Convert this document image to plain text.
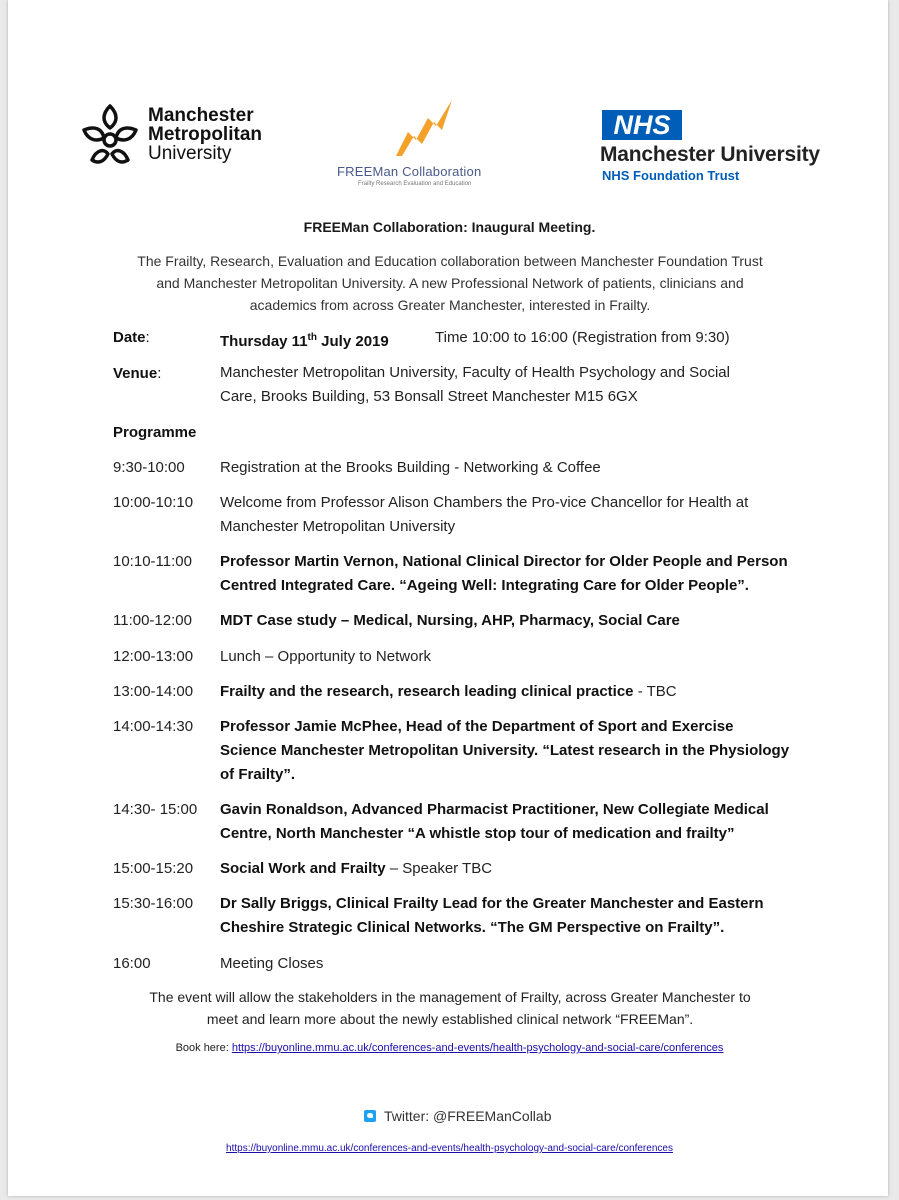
Manchester
Metropolitan
University
FREEMan Collaboration
Frailty Research Evaluation and Education
NHS
Manchester University
NHS Foundation Trust
FREEMan Collaboration: Inaugural Meeting.
The Frailty, Research, Evaluation and Education collaboration between Manchester Foundation Trust
and Manchester Metropolitan University. A new Professional Network of patients, clinicians and
academics from across Greater Manchester, interested in Frailty.
Date:	Thursday 11th July 2019	Time 10:00 to 16:00 (Registration from 9:30)
Venue:	Manchester Metropolitan University, Faculty of Health Psychology and Social
Care, Brooks Building, 53 Bonsall Street Manchester M15 6GX
Programme
9:30-10:00 Registration at the Brooks Building - Networking & Coffee
10:00-10:10 Welcome from Professor Alison Chambers the Pro-vice Chancellor for Health at Manchester Metropolitan University
10:10-11:00 Professor Martin Vernon, National Clinical Director for Older People and Person Centred Integrated Care. “Ageing Well: Integrating Care for Older People”.
11:00-12:00 MDT Case study – Medical, Nursing, AHP, Pharmacy, Social Care
12:00-13:00 Lunch – Opportunity to Network
13:00-14:00 Frailty and the research, research leading clinical practice - TBC
14:00-14:30 Professor Jamie McPhee, Head of the Department of Sport and Exercise Science Manchester Metropolitan University. “Latest research in the Physiology of Frailty”.
14:30- 15:00 Gavin Ronaldson, Advanced Pharmacist Practitioner, New Collegiate Medical Centre, North Manchester “A whistle stop tour of medication and frailty”
15:00-15:20 Social Work and Frailty – Speaker TBC
15:30-16:00 Dr Sally Briggs, Clinical Frailty Lead for the Greater Manchester and Eastern Cheshire Strategic Clinical Networks. “The GM Perspective on Frailty”.
16:00	Meeting Closes
The event will allow the stakeholders in the management of Frailty, across Greater Manchester to
meet and learn more about the newly established clinical network “FREEMan”.
Book here: https://buyonline.mmu.ac.uk/conferences-and-events/health-psychology-and-social-care/conferences
Twitter: @FREEManCollab
https://buyonline.mmu.ac.uk/conferences-and-events/health-psychology-and-social-care/conferences
